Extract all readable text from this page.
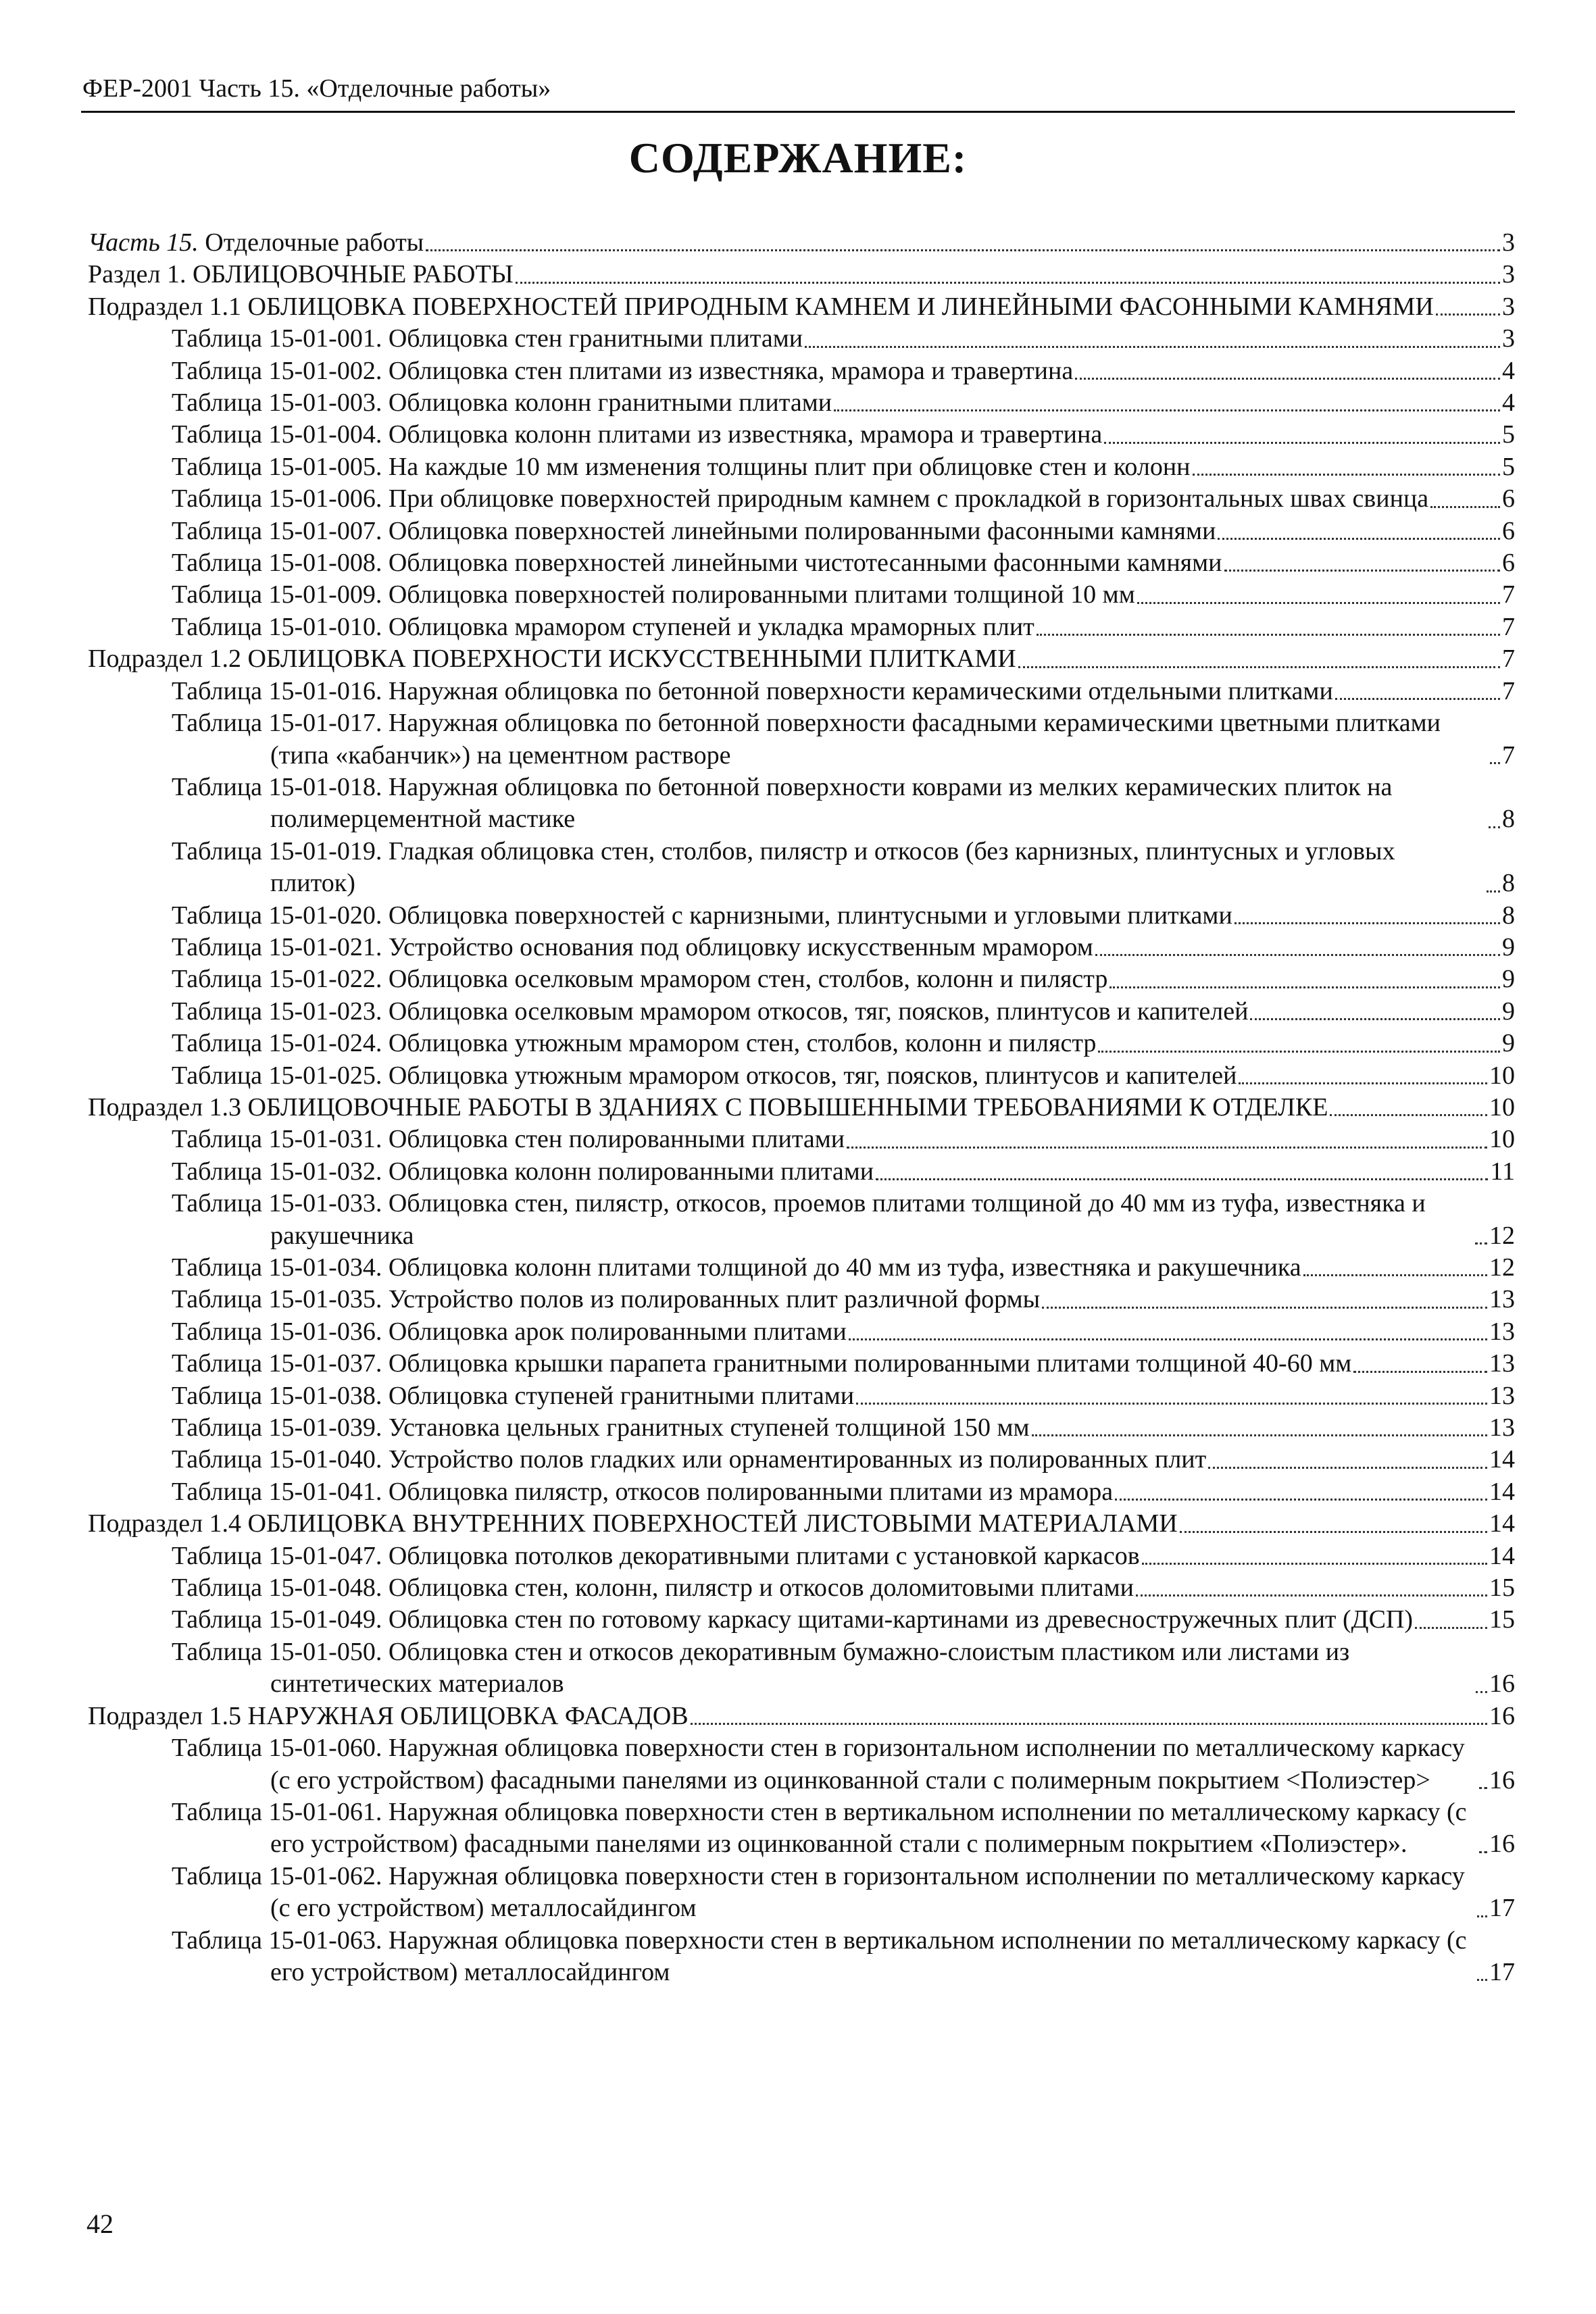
ФЕР-2001 Часть 15. «Отделочные работы»
СОДЕРЖАНИЕ:
Часть 15. Отделочные работы	3
Раздел 1. ОБЛИЦОВОЧНЫЕ РАБОТЫ	3
Подраздел 1.1 ОБЛИЦОВКА ПОВЕРХНОСТЕЙ ПРИРОДНЫМ КАМНЕМ И ЛИНЕЙНЫМИ ФАСОННЫМИ КАМНЯМИ	3
Таблица 15-01-001. Облицовка стен гранитными плитами	3
Таблица 15-01-002. Облицовка стен плитами из известняка, мрамора и травертина	4
Таблица 15-01-003. Облицовка колонн гранитными плитами	4
Таблица 15-01-004. Облицовка колонн плитами из известняка, мрамора и травертина	5
Таблица 15-01-005. На каждые 10 мм изменения толщины плит при облицовке стен и колонн	5
Таблица 15-01-006. При облицовке поверхностей природным камнем с прокладкой в горизонтальных швах свинца	6
Таблица 15-01-007. Облицовка поверхностей линейными полированными фасонными камнями	6
Таблица 15-01-008. Облицовка поверхностей линейными чистотесанными фасонными камнями	6
Таблица 15-01-009. Облицовка поверхностей полированными плитами толщиной 10 мм	7
Таблица 15-01-010. Облицовка мрамором ступеней и укладка мраморных плит	7
Подраздел 1.2 ОБЛИЦОВКА ПОВЕРХНОСТИ ИСКУССТВЕННЫМИ ПЛИТКАМИ	7
Таблица 15-01-016. Наружная облицовка по бетонной поверхности керамическими отдельными плитками	7
Таблица 15-01-017. Наружная облицовка по бетонной поверхности фасадными керамическими цветными плитками (типа «кабанчик») на цементном растворе	7
Таблица 15-01-018. Наружная облицовка по бетонной поверхности коврами из мелких керамических плиток на полимерцементной мастике	8
Таблица 15-01-019. Гладкая облицовка стен, столбов, пилястр и откосов (без карнизных, плинтусных и угловых плиток)	8
Таблица 15-01-020. Облицовка поверхностей с карнизными, плинтусными и угловыми плитками	8
Таблица 15-01-021. Устройство основания под облицовку искусственным мрамором	9
Таблица 15-01-022. Облицовка оселковым мрамором стен, столбов, колонн и пилястр	9
Таблица 15-01-023. Облицовка оселковым мрамором откосов, тяг, поясков, плинтусов и капителей	9
Таблица 15-01-024. Облицовка утюжным мрамором стен, столбов, колонн и пилястр	9
Таблица 15-01-025. Облицовка утюжным мрамором откосов, тяг, поясков, плинтусов и капителей	10
Подраздел 1.3 ОБЛИЦОВОЧНЫЕ РАБОТЫ В ЗДАНИЯХ С ПОВЫШЕННЫМИ ТРЕБОВАНИЯМИ К ОТДЕЛКЕ	10
Таблица 15-01-031. Облицовка стен полированными плитами	10
Таблица 15-01-032. Облицовка колонн полированными плитами	11
Таблица 15-01-033. Облицовка стен, пилястр, откосов, проемов плитами толщиной до 40 мм из туфа, известняка и ракушечника	12
Таблица 15-01-034. Облицовка колонн плитами толщиной до 40 мм из туфа, известняка и ракушечника	12
Таблица 15-01-035. Устройство полов из полированных плит различной формы	13
Таблица 15-01-036. Облицовка арок полированными плитами	13
Таблица 15-01-037. Облицовка крышки парапета гранитными полированными плитами толщиной 40-60 мм	13
Таблица 15-01-038. Облицовка ступеней гранитными плитами	13
Таблица 15-01-039. Установка цельных гранитных ступеней толщиной 150 мм	13
Таблица 15-01-040. Устройство полов гладких или орнаментированных из полированных плит	14
Таблица 15-01-041. Облицовка пилястр, откосов полированными плитами из мрамора	14
Подраздел 1.4 ОБЛИЦОВКА ВНУТРЕННИХ ПОВЕРХНОСТЕЙ ЛИСТОВЫМИ МАТЕРИАЛАМИ	14
Таблица 15-01-047. Облицовка потолков декоративными плитами с установкой каркасов	14
Таблица 15-01-048. Облицовка стен, колонн, пилястр и откосов доломитовыми плитами	15
Таблица 15-01-049. Облицовка стен по готовому каркасу щитами-картинами из древесностружечных плит (ДСП)	15
Таблица 15-01-050. Облицовка стен и откосов декоративным бумажно-слоистым пластиком или листами из синтетических материалов	16
Подраздел 1.5 НАРУЖНАЯ ОБЛИЦОВКА ФАСАДОВ	16
Таблица 15-01-060. Наружная облицовка поверхности стен в горизонтальном исполнении по металлическому каркасу (с его устройством) фасадными панелями из оцинкованной стали с полимерным покрытием <Полиэстер>	16
Таблица 15-01-061. Наружная облицовка поверхности стен в вертикальном исполнении по металлическому каркасу (с его устройством) фасадными панелями из оцинкованной стали с полимерным покрытием «Полиэстер».	16
Таблица 15-01-062. Наружная облицовка поверхности стен в горизонтальном исполнении по металлическому каркасу (с его устройством) металлосайдингом	17
Таблица 15-01-063. Наружная облицовка поверхности стен в вертикальном исполнении по металлическому каркасу (с его устройством) металлосайдингом	17
42
